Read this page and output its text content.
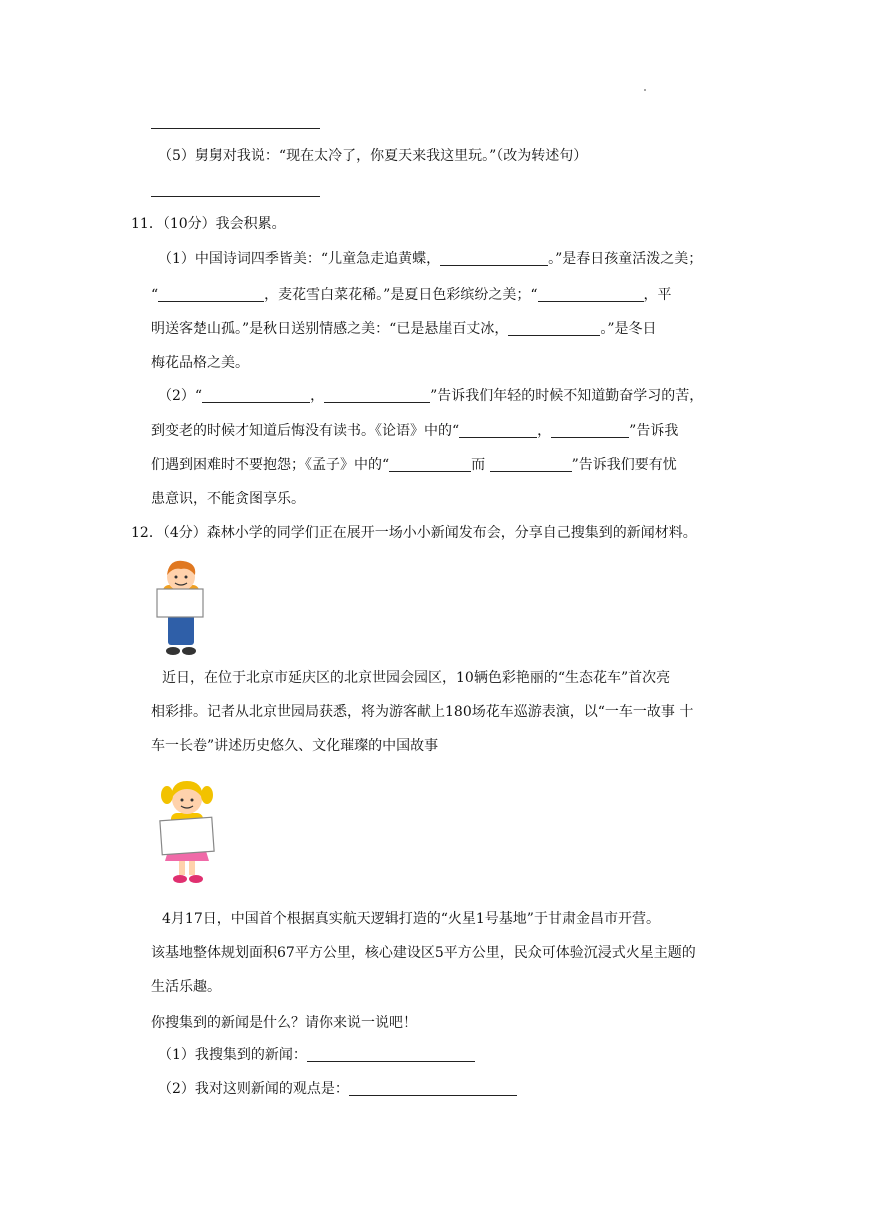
（5）舅舅对我说：“现在太冷了，你夏天来我这里玩。”（改为转述句）
11．（10分）我会积累。
（1）中国诗词四季皆美：“儿童急走追黄蝶，	。”是春日孩童活泼之美；
“	，麦花雪白菜花稀。”是夏日色彩缤纷之美；“	，平
明送客楚山孤。”是秋日送别情感之美：“已是悬崖百丈冰，	。”是冬日
梅花品格之美。
（2）“	，	”告诉我们年轻的时候不知道勤奋学习的苦，
到变老的时候才知道后悔没有读书。《论语》中的“	，	”告诉我
们遇到困难时不要抱怨；《孟子》中的“	而	”告诉我们要有忧
患意识，不能贪图享乐。
12．（4分）森林小学的同学们正在展开一场小小新闻发布会，分享自己搜集到的新闻材料。
近日，在位于北京市延庆区的北京世园会园区，10辆色彩艳丽的“生态花车”首次亮
相彩排。记者从北京世园局获悉，将为游客献上180场花车巡游表演，以“一车一故事 十
车一长卷”讲述历史悠久、文化璀璨的中国故事
4月17日，中国首个根据真实航天逻辑打造的“火星1号基地”于甘肃金昌市开营。
该基地整体规划面积67平方公里，核心建设区5平方公里，民众可体验沉浸式火星主题的
生活乐趣。
你搜集到的新闻是什么？请你来说一说吧！
（1）我搜集到的新闻：
（2）我对这则新闻的观点是：
